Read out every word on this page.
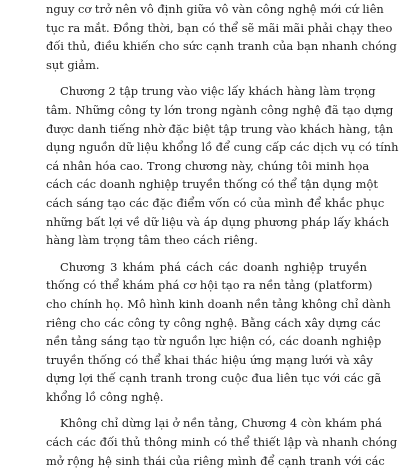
nguy cơ trở nên vô định giữa vô vàn công nghệ mới cứ liên
tục ra mắt. Đồng thời, bạn có thể sẽ mãi mãi phải chạy theo
đối thủ, điều khiến cho sức cạnh tranh của bạn nhanh chóng
sụt giảm.

Chương 2 tập trung vào việc lấy khách hàng làm trọng
tâm. Những công ty lớn trong ngành công nghệ đã tạo dựng
được danh tiếng nhờ đặc biệt tập trung vào khách hàng, tận
dụng nguồn dữ liệu khổng lồ để cung cấp các dịch vụ có tính
cá nhân hóa cao. Trong chương này, chúng tôi minh họa
cách các doanh nghiệp truyền thống có thể tận dụng một
cách sáng tạo các đặc điểm vốn có của mình để khắc phục
những bất lợi về dữ liệu và áp dụng phương pháp lấy khách
hàng làm trọng tâm theo cách riêng.

Chương 3 khám phá cách các doanh nghiệp truyền
thống có thể khám phá cơ hội tạo ra nền tảng (platform)
cho chính họ. Mô hình kinh doanh nền tảng không chỉ dành
riêng cho các công ty công nghệ. Bằng cách xây dựng các
nền tảng sáng tạo từ nguồn lực hiện có, các doanh nghiệp
truyền thống có thể khai thác hiệu ứng mạng lưới và xây
dựng lợi thế cạnh tranh trong cuộc đua liên tục với các gã
khổng lồ công nghệ.

Không chỉ dừng lại ở nền tảng, Chương 4 còn khám phá
cách các đối thủ thông minh có thể thiết lập và nhanh chóng
mở rộng hệ sinh thái của riêng mình để cạnh tranh với các
